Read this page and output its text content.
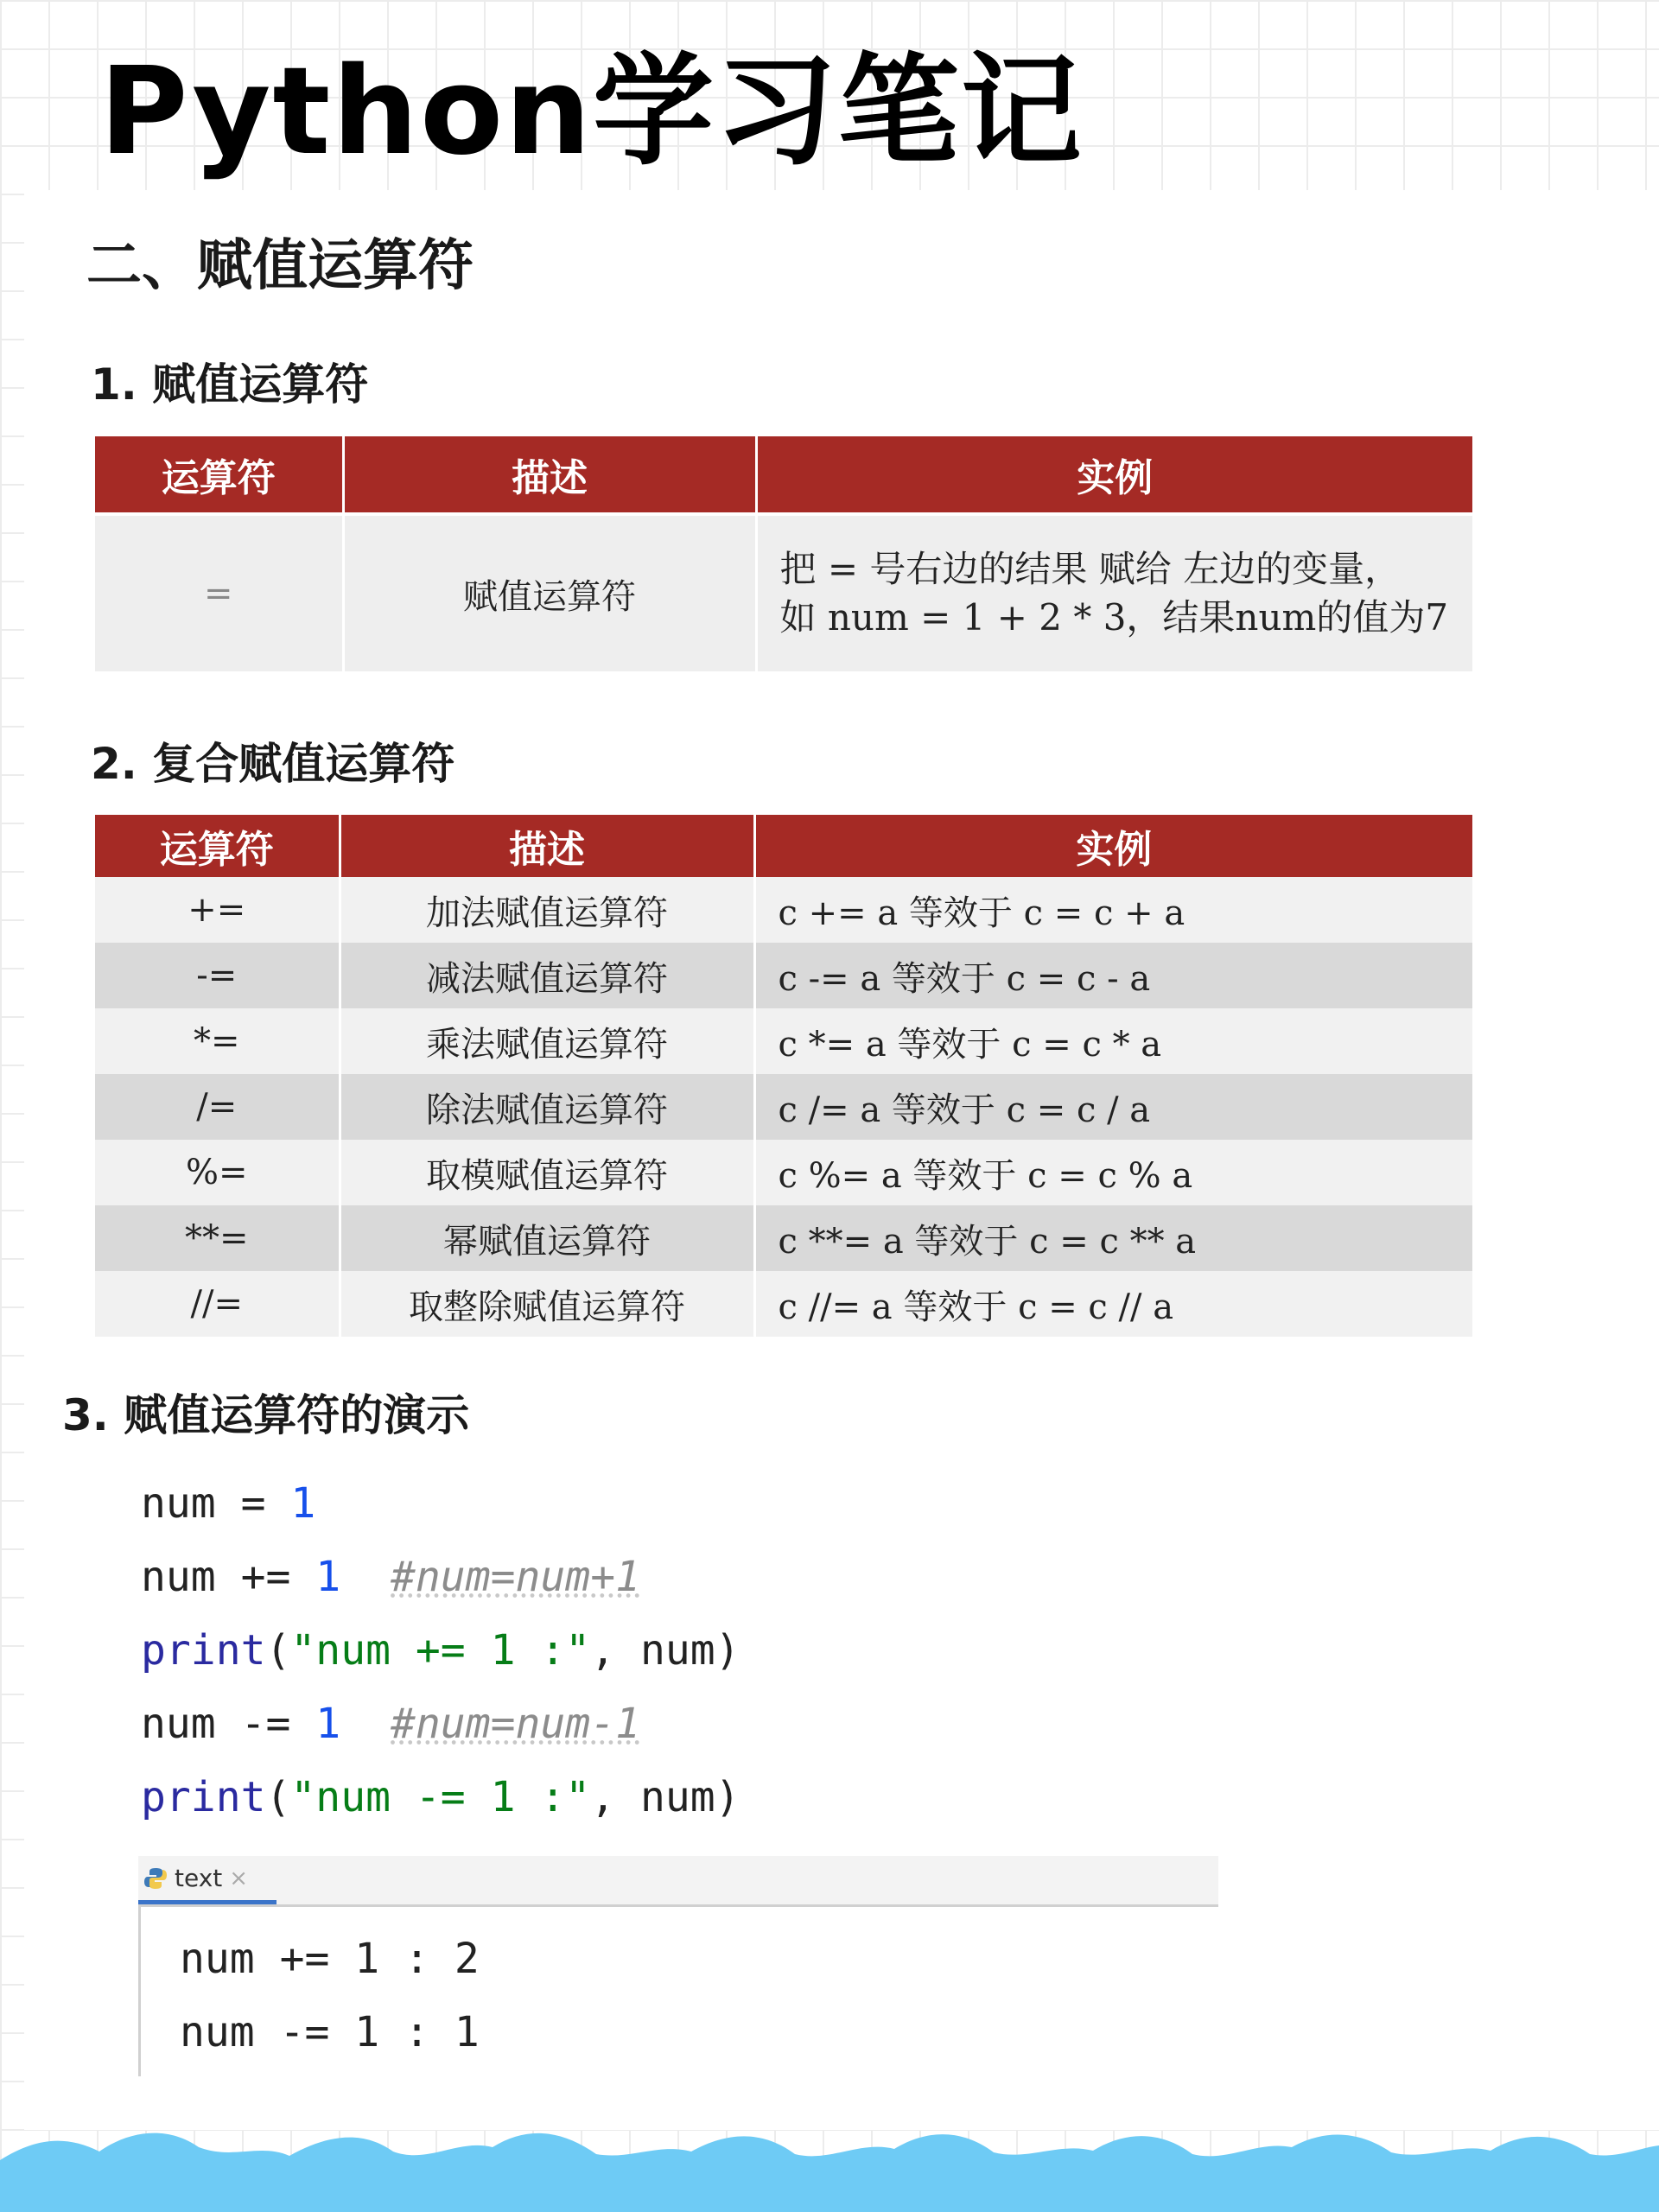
Python学习笔记
二、赋值运算符
1. 赋值运算符
运算符	描述	实例
=	赋值运算符	把 = 号右边的结果 赋给 左边的变量，
如 num = 1 + 2 * 3，结果num的值为7
2. 复合赋值运算符
运算符	描述	实例
+=	加法赋值运算符	c += a 等效于 c = c + a
-=	减法赋值运算符	c -= a 等效于 c = c - a
*=	乘法赋值运算符	c *= a 等效于 c = c * a
/=	除法赋值运算符	c /= a 等效于 c = c / a
%=	取模赋值运算符	c %= a 等效于 c = c % a
**=	幂赋值运算符	c **= a 等效于 c = c ** a
//=	取整除赋值运算符	c //= a 等效于 c = c // a
3. 赋值运算符的演示
num = 1
num += 1 #num=num+1
print("num += 1 :", num)
num -= 1 #num=num-1
print("num -= 1 :", num)
text ×
num += 1 : 2
num -= 1 : 1
